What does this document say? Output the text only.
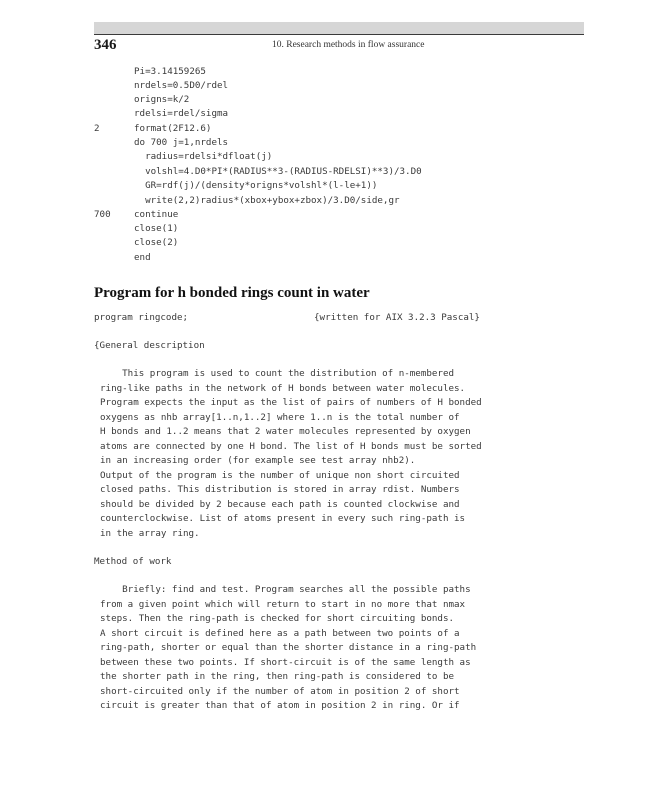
346	10. Research methods in flow assurance
Pi=3.14159265
nrdels=0.5D0/rdel
origns=k/2
rdelsi=rdel/sigma
2	format(2F12.6)
do 700 j=1,nrdels
radius=rdelsi*dfloat(j)
volshl=4.D0*PI*(RADIUS**3-(RADIUS-RDELSI)**3)/3.D0
GR=rdf(j)/(density*origns*volshl*(l-le+1))
write(2,2)radius*(xbox+ybox+zbox)/3.D0/side,gr
700	continue
close(1)
close(2)
end
Program for h bonded rings count in water
program ringcode;	{written for AIX 3.2.3 Pascal}
{General description
This program is used to count the distribution of n-membered
ring-like paths in the network of H bonds between water molecules.
Program expects the input as the list of pairs of numbers of H bonded
oxygens as nhb array[1..n,1..2] where 1..n is the total number of
H bonds and 1..2 means that 2 water molecules represented by oxygen
atoms are connected by one H bond. The list of H bonds must be sorted
in an increasing order (for example see test array nhb2).
Output of the program is the number of unique non short circuited
closed paths. This distribution is stored in array rdist. Numbers
should be divided by 2 because each path is counted clockwise and
counterclockwise. List of atoms present in every such ring-path is
in the array ring.
Method of work
Briefly: find and test. Program searches all the possible paths
from a given point which will return to start in no more that nmax
steps. Then the ring-path is checked for short circuiting bonds.
A short circuit is defined here as a path between two points of a
ring-path, shorter or equal than the shorter distance in a ring-path
between these two points. If short-circuit is of the same length as
the shorter path in the ring, then ring-path is considered to be
short-circuited only if the number of atom in position 2 of short
circuit is greater than that of atom in position 2 in ring. Or if
